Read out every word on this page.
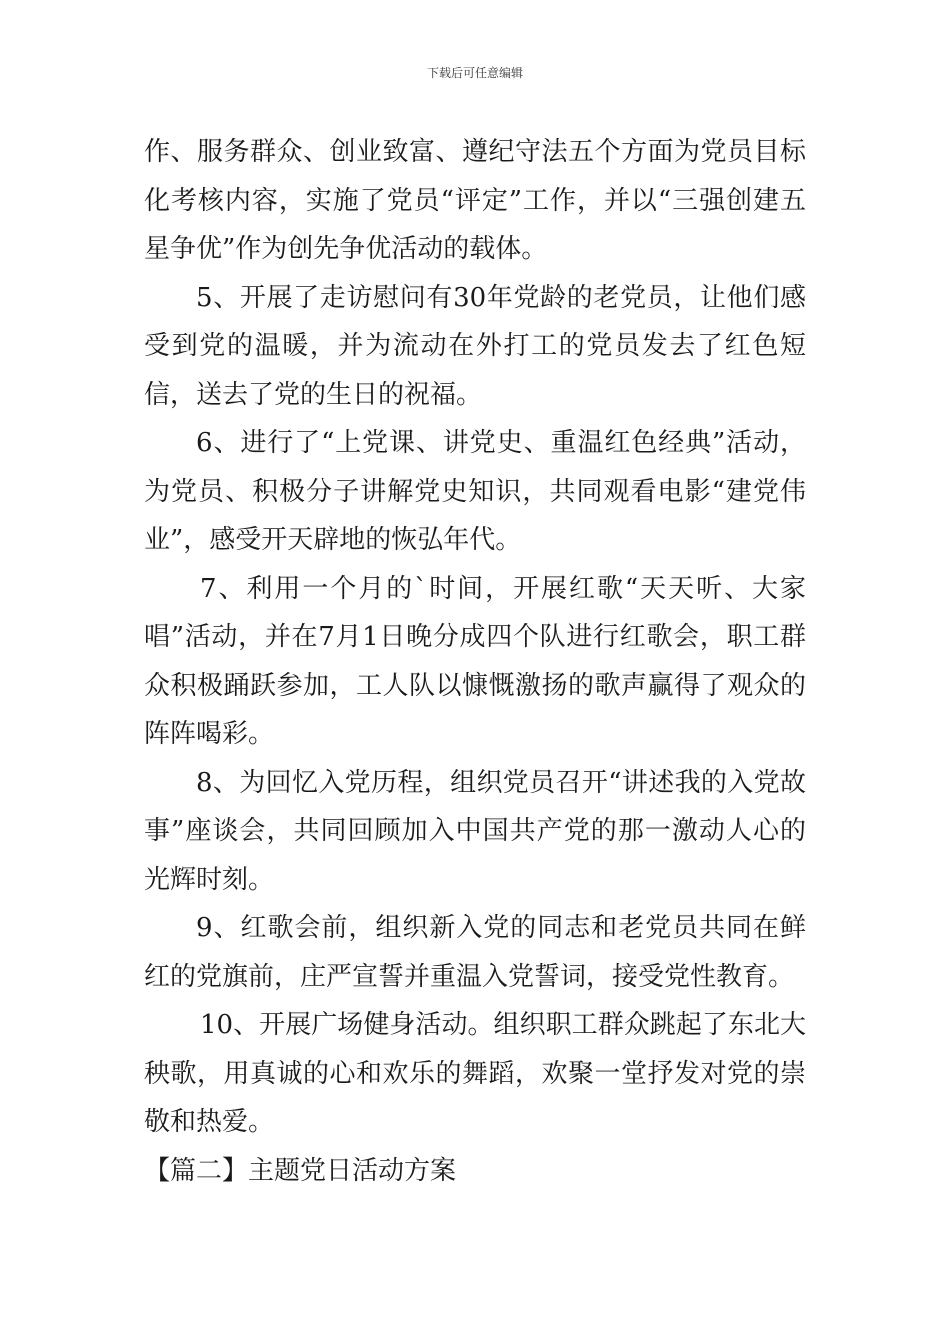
下载后可任意编辑

作、服务群众、创业致富、遵纪守法五个方面为党员目标化考核内容，实施了党员“评定”工作，并以“三强创建五星争优”作为创先争优活动的载体。

5、开展了走访慰问有30年党龄的老党员，让他们感受到党的温暖，并为流动在外打工的党员发去了红色短信，送去了党的生日的祝福。

6、进行了“上党课、讲党史、重温红色经典”活动，为党员、积极分子讲解党史知识，共同观看电影“建党伟业”，感受开天辟地的恢弘年代。

7、利用一个月的`时间，开展红歌“天天听、大家唱”活动，并在7月1日晚分成四个队进行红歌会，职工群众积极踊跃参加，工人队以慷慨激扬的歌声赢得了观众的阵阵喝彩。

8、为回忆入党历程，组织党员召开“讲述我的入党故事”座谈会，共同回顾加入中国共产党的那一激动人心的光辉时刻。

9、红歌会前，组织新入党的同志和老党员共同在鲜红的党旗前，庄严宣誓并重温入党誓词，接受党性教育。

10、开展广场健身活动。组织职工群众跳起了东北大秧歌，用真诚的心和欢乐的舞蹈，欢聚一堂抒发对党的崇敬和热爱。

【篇二】主题党日活动方案
